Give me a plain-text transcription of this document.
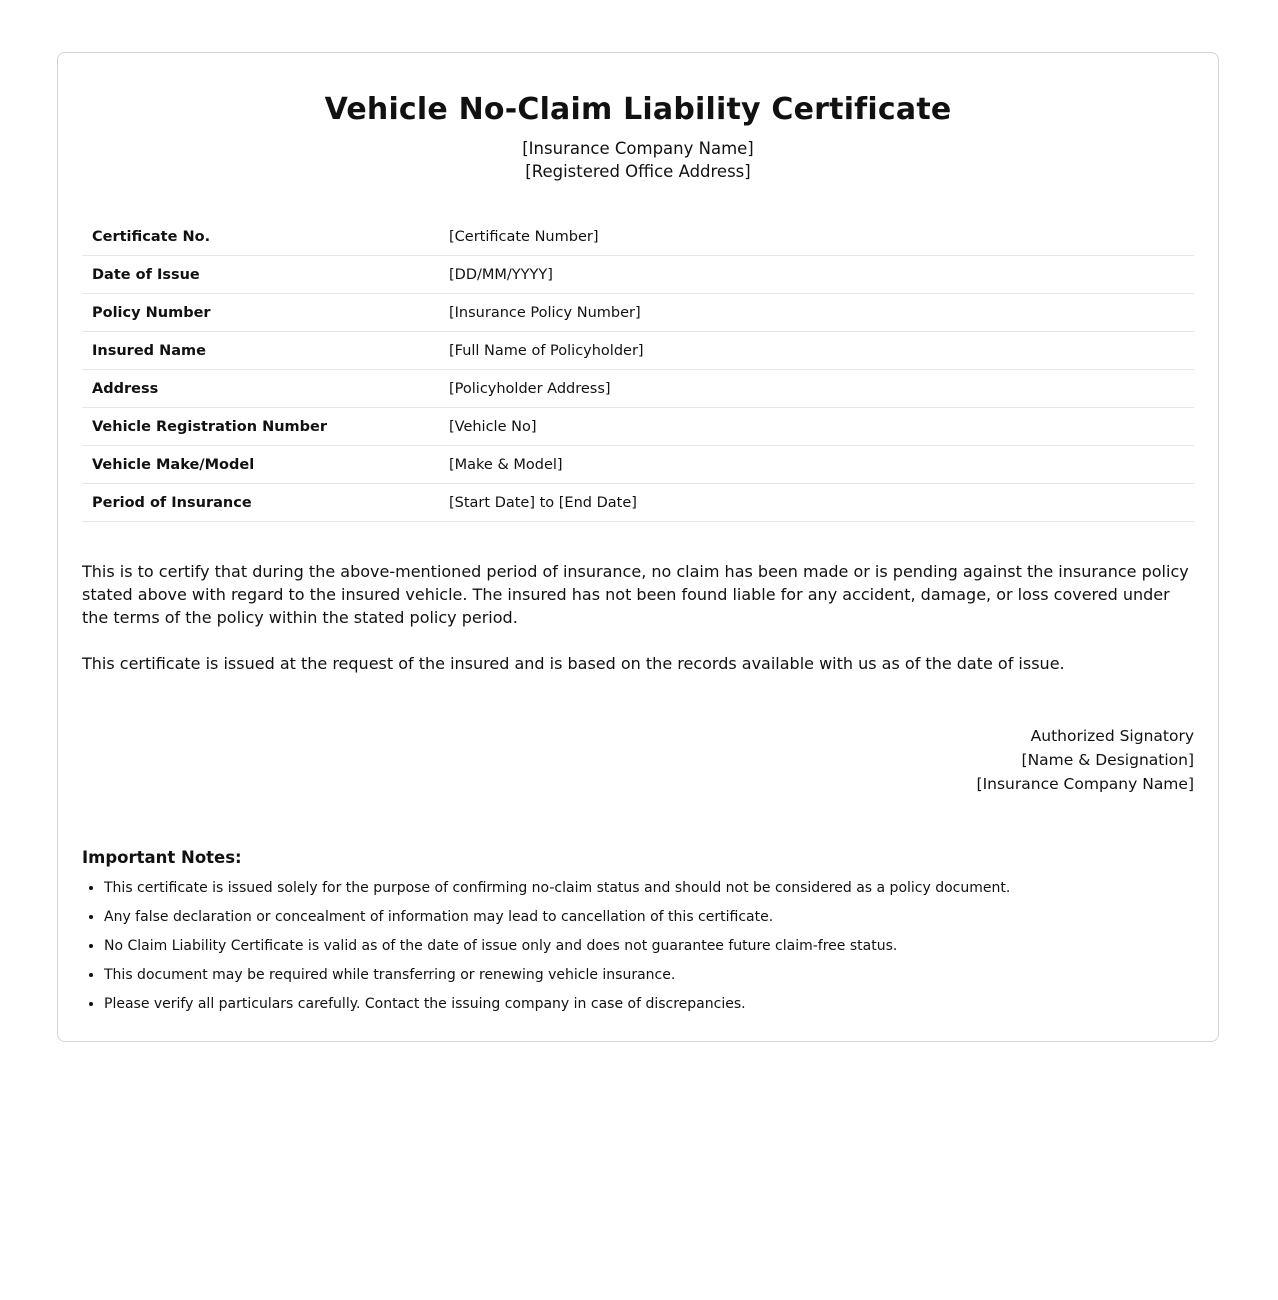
Vehicle No-Claim Liability Certificate
[Insurance Company Name]
[Registered Office Address]
Certificate No.	[Certificate Number]
Date of Issue	[DD/MM/YYYY]
Policy Number	[Insurance Policy Number]
Insured Name	[Full Name of Policyholder]
Address	[Policyholder Address]
Vehicle Registration Number	[Vehicle No]
Vehicle Make/Model	[Make & Model]
Period of Insurance	[Start Date] to [End Date]

This is to certify that during the above-mentioned period of insurance, no claim has been made or is pending against the insurance policy stated above with regard to the insured vehicle. The insured has not been found liable for any accident, damage, or loss covered under the terms of the policy within the stated policy period.

This certificate is issued at the request of the insured and is based on the records available with us as of the date of issue.

Authorized Signatory
[Name & Designation]
[Insurance Company Name]
Important Notes:
• This certificate is issued solely for the purpose of confirming no-claim status and should not be considered as a policy document.
• Any false declaration or concealment of information may lead to cancellation of this certificate.
• No Claim Liability Certificate is valid as of the date of issue only and does not guarantee future claim-free status.
• This document may be required while transferring or renewing vehicle insurance.
• Please verify all particulars carefully. Contact the issuing company in case of discrepancies.
